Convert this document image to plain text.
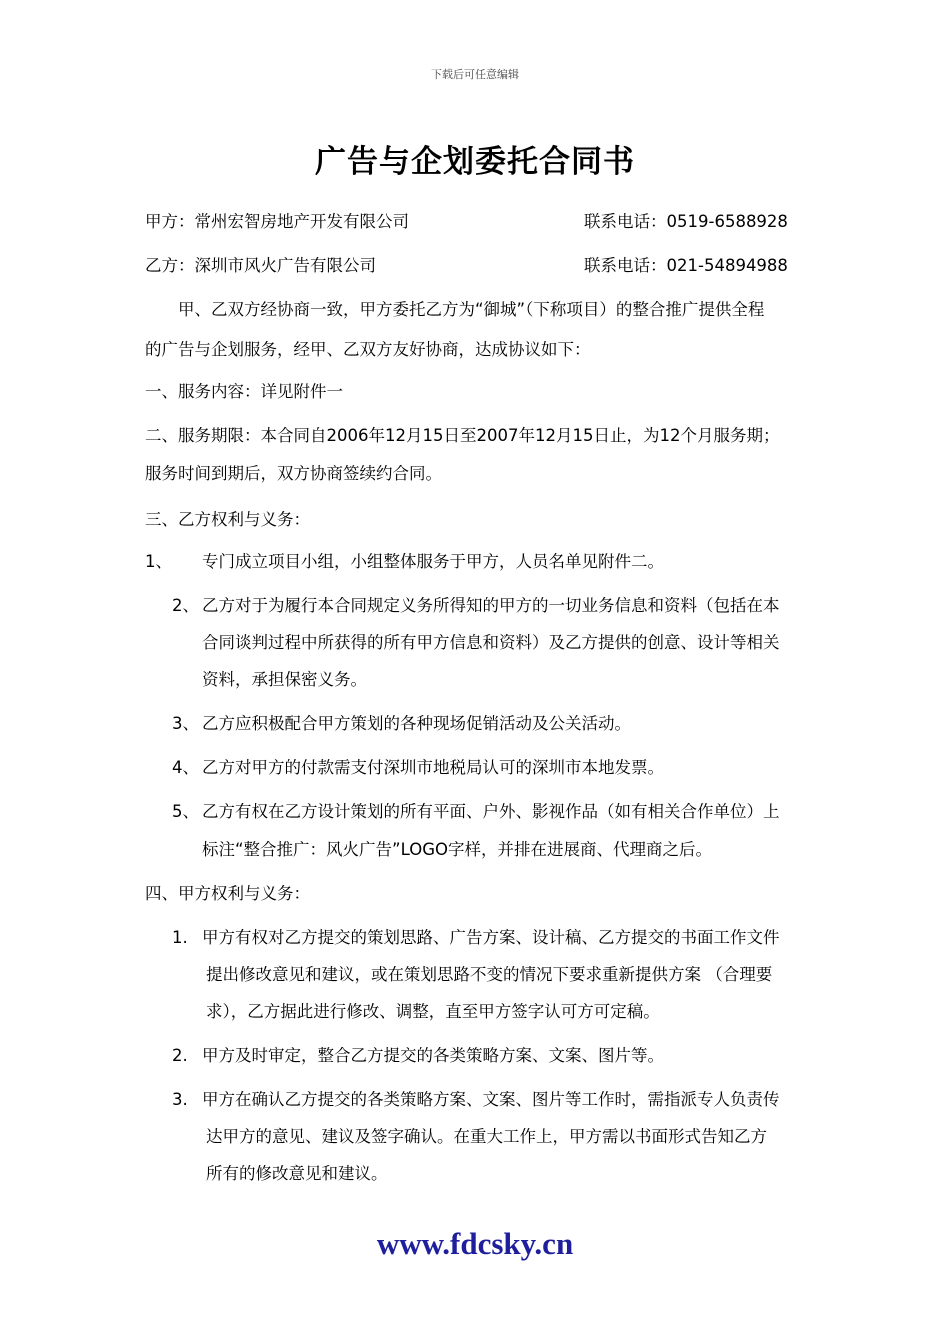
下载后可任意编辑
广告与企划委托合同书
甲方：常州宏智房地产开发有限公司	联系电话：0519-6588928
乙方：深圳市风火广告有限公司	联系电话：021-54894988
甲、乙双方经协商一致，甲方委托乙方为“御城”（下称项目）的整合推广提供全程
的广告与企划服务，经甲、乙双方友好协商，达成协议如下：
一、服务内容：详见附件一
二、服务期限：本合同自2006年12月15日至2007年12月15日止，为12个月服务期；
服务时间到期后，双方协商签续约合同。
三、乙方权利与义务：
1、 专门成立项目小组，小组整体服务于甲方，人员名单见附件二。
2、 乙方对于为履行本合同规定义务所得知的甲方的一切业务信息和资料（包括在本
合同谈判过程中所获得的所有甲方信息和资料）及乙方提供的创意、设计等相关
资料，承担保密义务。
3、 乙方应积极配合甲方策划的各种现场促销活动及公关活动。
4、 乙方对甲方的付款需支付深圳市地税局认可的深圳市本地发票。
5、 乙方有权在乙方设计策划的所有平面、户外、影视作品（如有相关合作单位）上
标注“整合推广：风火广告”LOGO字样，并排在进展商、代理商之后。
四、甲方权利与义务：
1. 甲方有权对乙方提交的策划思路、广告方案、设计稿、乙方提交的书面工作文件
提出修改意见和建议，或在策划思路不变的情况下要求重新提供方案 （合理要
求），乙方据此进行修改、调整，直至甲方签字认可方可定稿。
2. 甲方及时审定，整合乙方提交的各类策略方案、文案、图片等。
3. 甲方在确认乙方提交的各类策略方案、文案、图片等工作时，需指派专人负责传
达甲方的意见、建议及签字确认。在重大工作上，甲方需以书面形式告知乙方
所有的修改意见和建议。
www.fdcsky.cn
